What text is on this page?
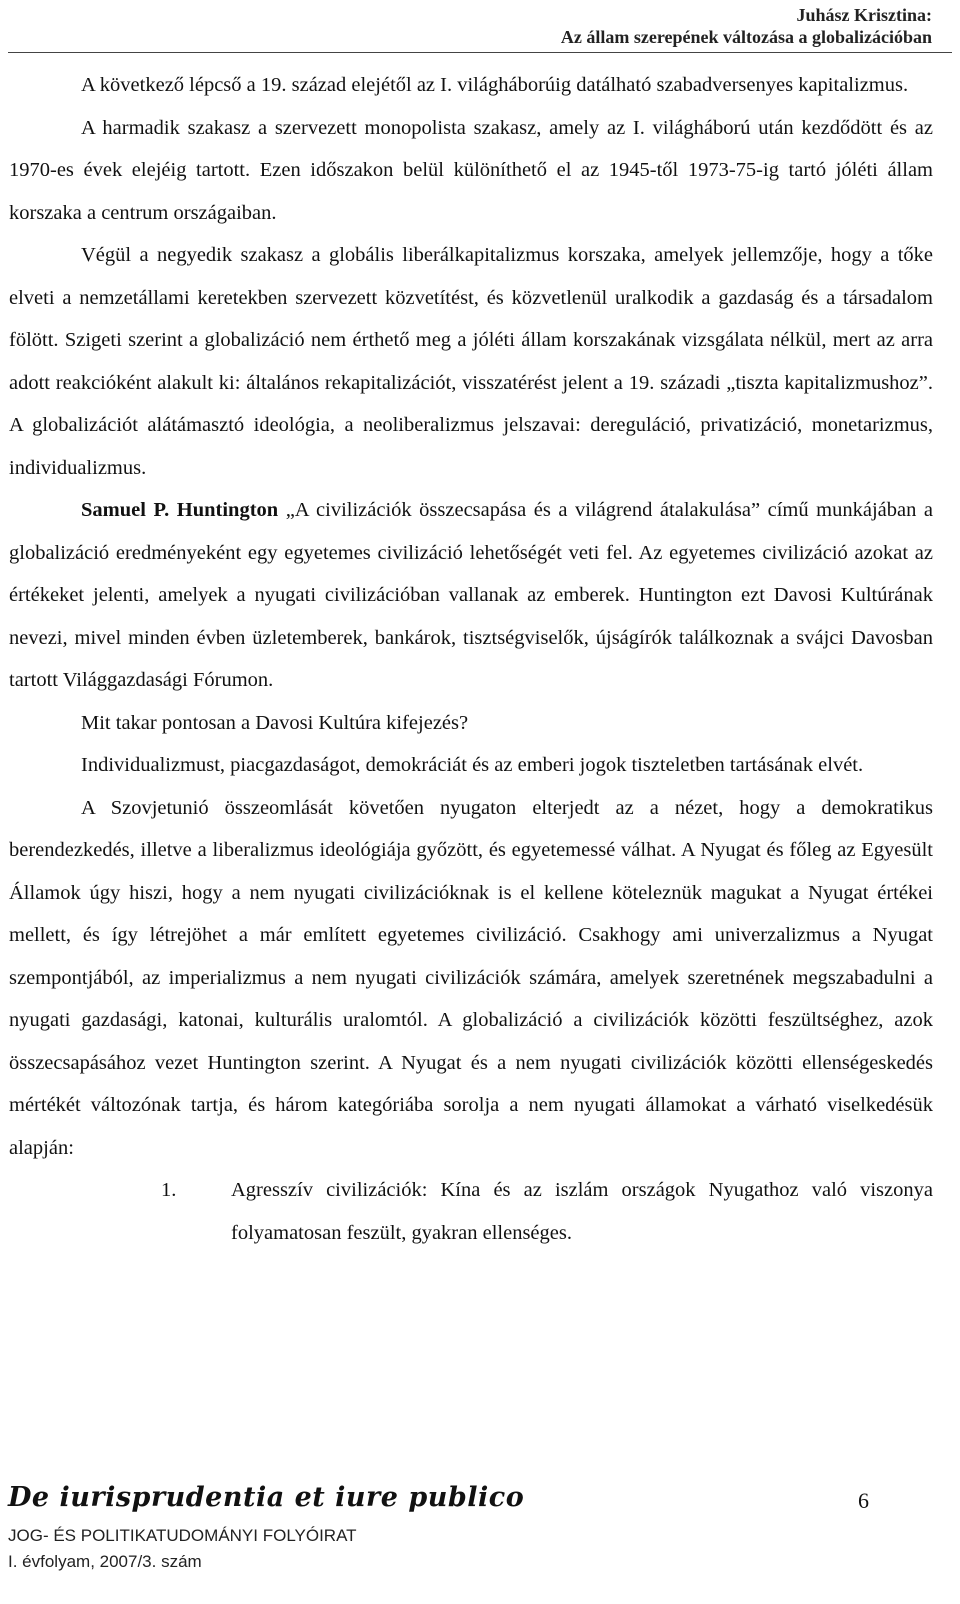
Juhász Krisztina:
Az állam szerepének változása a globalizációban

A következő lépcső a 19. század elejétől az I. világháborúig datálható szabadversenyes kapitalizmus.

A harmadik szakasz a szervezett monopolista szakasz, amely az I. világháború után kezdődött és az 1970-es évek elejéig tartott. Ezen időszakon belül különíthető el az 1945-től 1973-75-ig tartó jóléti állam korszaka a centrum országaiban.

Végül a negyedik szakasz a globális liberálkapitalizmus korszaka, amelyek jellemzője, hogy a tőke elveti a nemzetállami keretekben szervezett közvetítést, és közvetlenül uralkodik a gazdaság és a társadalom fölött. Szigeti szerint a globalizáció nem érthető meg a jóléti állam korszakának vizsgálata nélkül, mert az arra adott reakcióként alakult ki: általános rekapitalizációt, visszatérést jelent a 19. századi „tiszta kapitalizmushoz”. A globalizációt alátámasztó ideológia, a neoliberalizmus jelszavai: dereguláció, privatizáció, monetarizmus, individualizmus.

Samuel P. Huntington „A civilizációk összecsapása és a világrend átalakulása” című munkájában a globalizáció eredményeként egy egyetemes civilizáció lehetőségét veti fel. Az egyetemes civilizáció azokat az értékeket jelenti, amelyek a nyugati civilizációban vallanak az emberek. Huntington ezt Davosi Kultúrának nevezi, mivel minden évben üzletemberek, bankárok, tisztségviselők, újságírók találkoznak a svájci Davosban tartott Világgazdasági Fórumon.

Mit takar pontosan a Davosi Kultúra kifejezés?

Individualizmust, piacgazdaságot, demokráciát és az emberi jogok tiszteletben tartásának elvét.

A Szovjetunió összeomlását követően nyugaton elterjedt az a nézet, hogy a demokratikus berendezkedés, illetve a liberalizmus ideológiája győzött, és egyetemessé válhat. A Nyugat és főleg az Egyesült Államok úgy hiszi, hogy a nem nyugati civilizációknak is el kellene köteleznük magukat a Nyugat értékei mellett, és így létrejöhet a már említett egyetemes civilizáció. Csakhogy ami univerzalizmus a Nyugat szempontjából, az imperializmus a nem nyugati civilizációk számára, amelyek szeretnének megszabadulni a nyugati gazdasági, katonai, kulturális uralomtól. A globalizáció a civilizációk közötti feszültséghez, azok összecsapásához vezet Huntington szerint. A Nyugat és a nem nyugati civilizációk közötti ellenségeskedés mértékét változónak tartja, és három kategóriába sorolja a nem nyugati államokat a várható viselkedésük alapján:

1.	Agresszív civilizációk: Kína és az iszlám országok Nyugathoz való viszonya folyamatosan feszült, gyakran ellenséges.
De iurisprudentia et iure publico	6
JOG- ÉS POLITIKATUDOMÁNYI FOLYÓIRAT
I. évfolyam, 2007/3. szám
